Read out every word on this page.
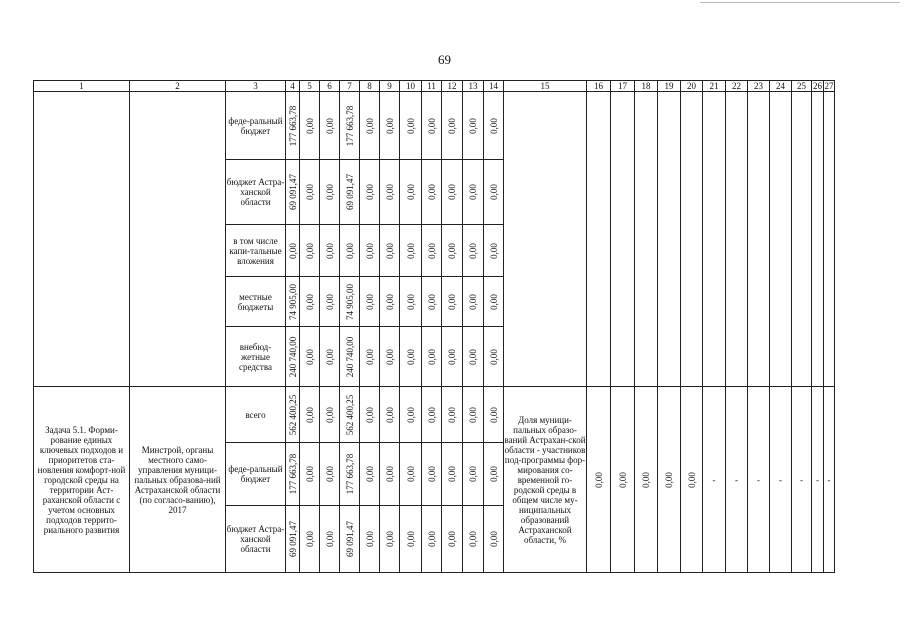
69
1	2	3	4	5	6	7	8	9	10	11	12	13	14	15	16	17	18	19	20	21	22	23	24	25	26	27
		феде-ральный бюджет	177 663,78	0,00	0,00	177 663,78	0,00	0,00	0,00	0,00	0,00	0,00	0,00													

		бюджет Астра-ханской области	69 091,47	0,00	0,00	69 091,47	0,00	0,00	0,00	0,00	0,00	0,00	0,00													

		в том числе капи-тальные вложения	0,00	0,00	0,00	0,00	0,00	0,00	0,00	0,00	0,00	0,00	0,00													

		местные бюджеты	74 905,00	0,00	0,00	74 905,00	0,00	0,00	0,00	0,00	0,00	0,00	0,00													

		внебюд-жетные средства	240 740,00	0,00	0,00	240 740,00	0,00	0,00	0,00	0,00	0,00	0,00	0,00													

Задача 5.1. Форми-рование единых ключевых подходов и приоритетов ста-новления комфорт-ной городской среды на территории Аст-раханской области с учетом основных подходов террито-риального развития	Минстрой, органы местного само-управления муници-пальных образова-ний Астраханской области (по согласо-ванию), 2017	всего	562 400,25	0,00	0,00	562 400,25	0,00	0,00	0,00	0,00	0,00	0,00	0,00	Доля муници-пальных образо-ваний Астрахан-ской области - участников под-программы фор-мирования со-временной го-родской среды в общем числе му-ниципальных образований Астраханской области, %	0,00	0,00	0,00	0,00	0,00	-	-	-	-	-	-	-
		феде-ральный бюджет	177 663,78	0,00	0,00	177 663,78	0,00	0,00	0,00	0,00	0,00	0,00	0,00													

		бюджет Астра-ханской области	69 091,47	0,00	0,00	69 091,47	0,00	0,00	0,00	0,00	0,00	0,00	0,00													
